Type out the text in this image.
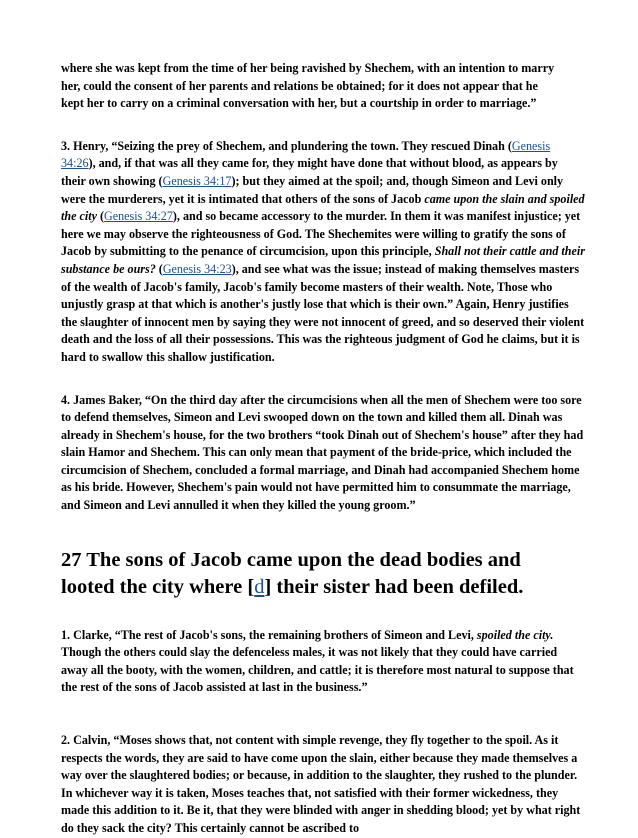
where she was kept from the time of her being ravished by Shechem, with an intention to marry
her, could the consent of her parents and relations be obtained; for it does not appear that he
kept her to carry on a criminal conversation with her, but a courtship in order to marriage.”

3. Henry, “Seizing the prey of Shechem, and plundering the town. They rescued Dinah (Genesis 34:26), and, if that was all they came for, they might have done that without blood, as appears by their own showing (Genesis 34:17); but they aimed at the spoil; and, though Simeon and Levi only were the murderers, yet it is intimated that others of the sons of Jacob came upon the slain and spoiled the city (Genesis 34:27), and so became accessory to the murder. In them it was manifest injustice; yet here we may observe the righteousness of God. The Shechemites were willing to gratify the sons of Jacob by submitting to the penance of circumcision, upon this principle, Shall not their cattle and their substance be ours? (Genesis 34:23), and see what was the issue; instead of making themselves masters of the wealth of Jacob's family, Jacob's family become masters of their wealth. Note, Those who unjustly grasp at that which is another's justly lose that which is their own.” Again, Henry justifies the slaughter of innocent men by saying they were not innocent of greed, and so deserved their violent death and the loss of all their possessions. This was the righteous judgment of God he claims, but it is hard to swallow this shallow justification.

4. James Baker, “On the third day after the circumcisions when all the men of Shechem were too sore to defend themselves, Simeon and Levi swooped down on the town and killed them all. Dinah was already in Shechem's house, for the two brothers “took Dinah out of Shechem's house” after they had slain Hamor and Shechem. This can only mean that payment of the bride-price, which included the circumcision of Shechem, concluded a formal marriage, and Dinah had accompanied Shechem home as his bride. However, Shechem's pain would not have permitted him to consummate the marriage, and Simeon and Levi annulled it when they killed the young groom.”

27 The sons of Jacob came upon the dead bodies and
looted the city where [d] their sister had been defiled.

1. Clarke, “The rest of Jacob's sons, the remaining brothers of Simeon and Levi, spoiled the city. Though the others could slay the defenceless males, it was not likely that they could have carried away all the booty, with the women, children, and cattle; it is therefore most natural to suppose that the rest of the sons of Jacob assisted at last in the business.”

2. Calvin, “Moses shows that, not content with simple revenge, they fly together to the spoil. As it respects the words, they are said to have come upon the slain, either because they made themselves a way over the slaughtered bodies; or because, in addition to the slaughter, they rushed to the plunder. In whichever way it is taken, Moses teaches that, not satisfied with their former wickedness, they made this addition to it. Be it, that they were blinded with anger in shedding blood; yet by what right do they sack the city? This certainly cannot be ascribed to
